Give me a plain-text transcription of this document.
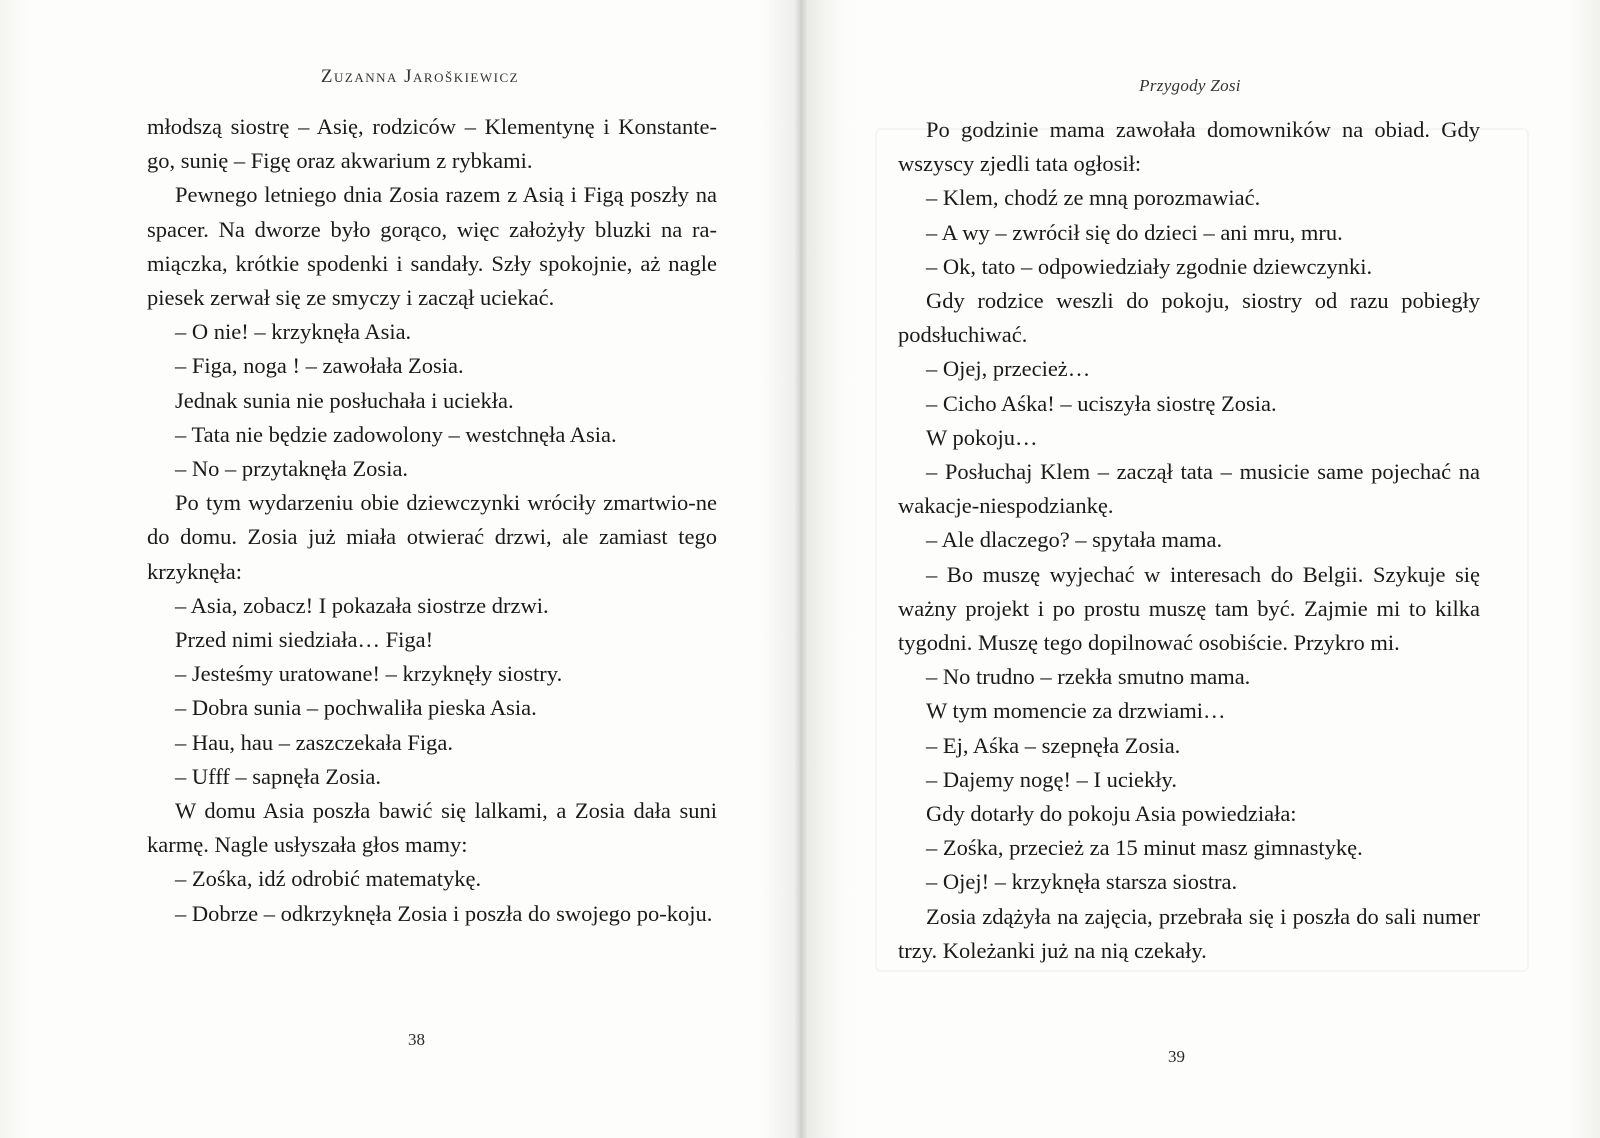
Zuzanna Jaroškiewicz	Przygody Zosi

młodszą siostrę – Asię, rodziców – Klementynę i Konstante-go, sunię – Figę oraz akwarium z rybkami.

Pewnego letniego dnia Zosia razem z Asią i Figą poszły na spacer. Na dworze było gorąco, więc założyły bluzki na ra-miączka, krótkie spodenki i sandały. Szły spokojnie, aż nagle piesek zerwał się ze smyczy i zaczął uciekać.

– O nie! – krzyknęła Asia.

– Figa, noga ! – zawołała Zosia.

Jednak sunia nie posłuchała i uciekła.

– Tata nie będzie zadowolony – westchnęła Asia.

– No – przytaknęła Zosia.

Po tym wydarzeniu obie dziewczynki wróciły zmartwio-ne do domu. Zosia już miała otwierać drzwi, ale zamiast tego krzyknęła:

– Asia, zobacz! I pokazała siostrze drzwi.

Przed nimi siedziała… Figa!

– Jesteśmy uratowane! – krzyknęły siostry.

– Dobra sunia – pochwaliła pieska Asia.

– Hau, hau – zaszczekała Figa.

– Ufff – sapnęła Zosia.

W domu Asia poszła bawić się lalkami, a Zosia dała suni karmę. Nagle usłyszała głos mamy:

– Zośka, idź odrobić matematykę.

– Dobrze – odkrzyknęła Zosia i poszła do swojego po-koju.

Po godzinie mama zawołała domowników na obiad. Gdy wszyscy zjedli tata ogłosił:

– Klem, chodź ze mną porozmawiać.

– A wy – zwrócił się do dzieci – ani mru, mru.

– Ok, tato – odpowiedziały zgodnie dziewczynki.

Gdy rodzice weszli do pokoju, siostry od razu pobiegły podsłuchiwać.

– Ojej, przecież…

– Cicho Aśka! – uciszyła siostrę Zosia.

W pokoju…

– Posłuchaj Klem – zaczął tata – musicie same pojechać na wakacje-niespodziankę.

– Ale dlaczego? – spytała mama.

– Bo muszę wyjechać w interesach do Belgii. Szykuje się ważny projekt i po prostu muszę tam być. Zajmie mi to kilka tygodni. Muszę tego dopilnować osobiście. Przykro mi.

– No trudno – rzekła smutno mama.

W tym momencie za drzwiami…

– Ej, Aśka – szepnęła Zosia.

– Dajemy nogę! – I uciekły.

Gdy dotarły do pokoju Asia powiedziała:

– Zośka, przecież za 15 minut masz gimnastykę.

– Ojej! – krzyknęła starsza siostra.

Zosia zdążyła na zajęcia, przebrała się i poszła do sali numer trzy. Koleżanki już na nią czekały.

38
39
